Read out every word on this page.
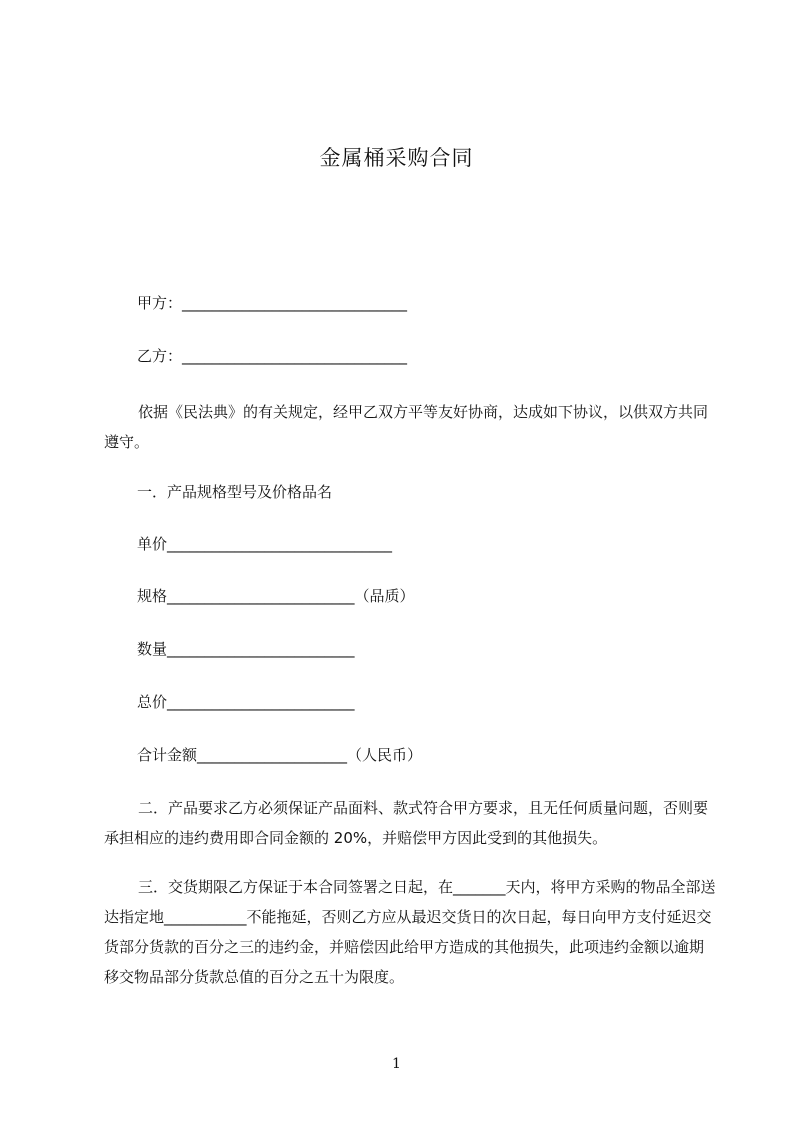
金属桶采购合同
甲方：______________________________
乙方：______________________________
依据《民法典》的有关规定，经甲乙双方平等友好协商，达成如下协议，以供双方共同遵守。
一．产品规格型号及价格品名
单价______________________________
规格_________________________（品质）
数量_________________________
总价_________________________
合计金额____________________（人民币）
二．产品要求乙方必须保证产品面料、款式符合甲方要求，且无任何质量问题，否则要承担相应的违约费用即合同金额的 20%，并赔偿甲方因此受到的其他损失。
三．交货期限乙方保证于本合同签署之日起，在_______天内，将甲方采购的物品全部送达指定地___________不能拖延，否则乙方应从最迟交货日的次日起，每日向甲方支付延迟交货部分货款的百分之三的违约金，并赔偿因此给甲方造成的其他损失，此项违约金额以逾期移交物品部分货款总值的百分之五十为限度。
1
